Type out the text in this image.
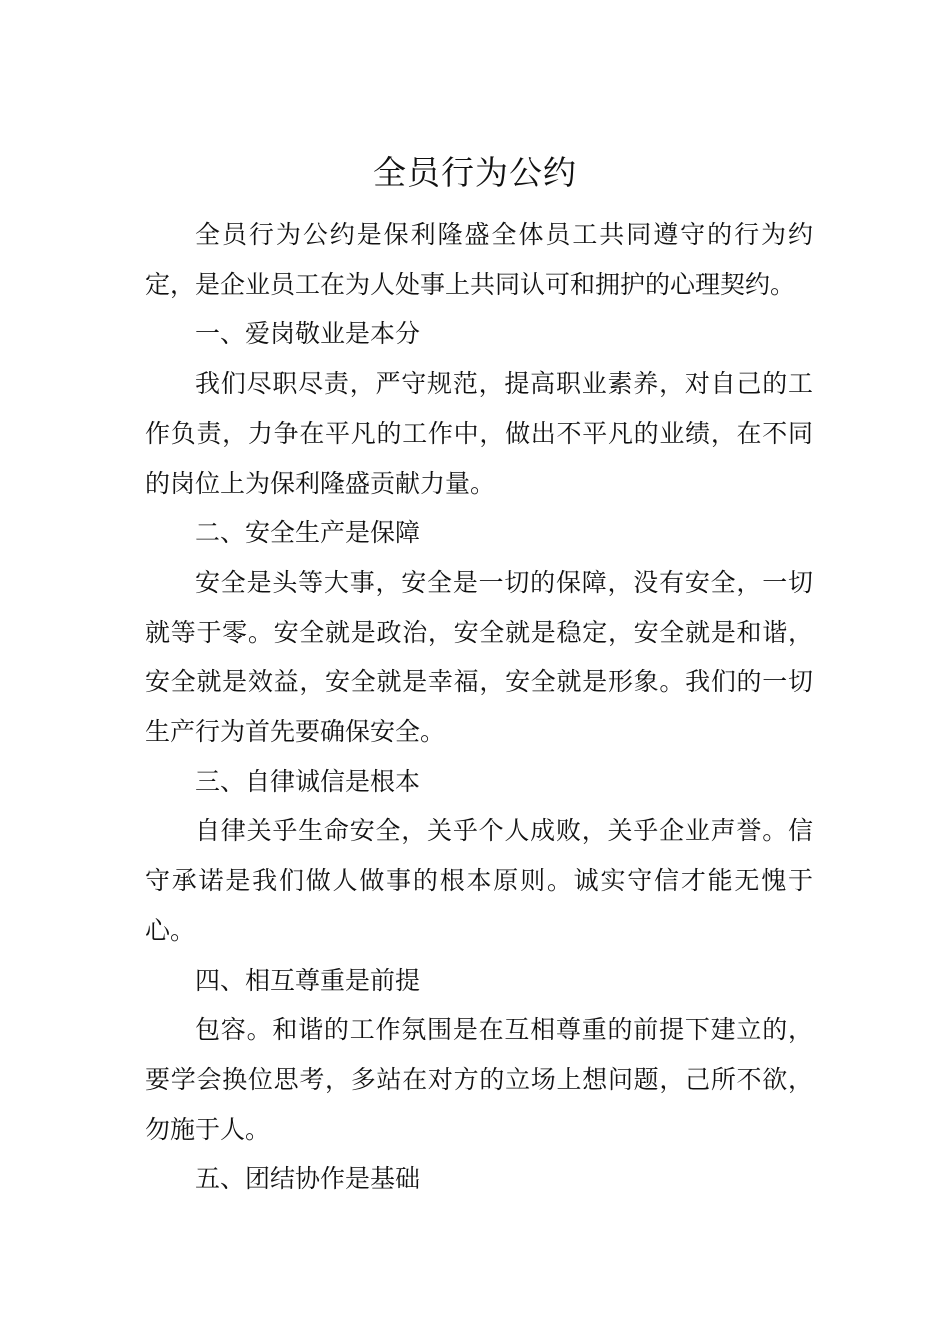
全员行为公约

全员行为公约是保利隆盛全体员工共同遵守的行为约定，是企业员工在为人处事上共同认可和拥护的心理契约。

一、爱岗敬业是本分

我们尽职尽责，严守规范，提高职业素养，对自己的工作负责，力争在平凡的工作中，做出不平凡的业绩，在不同的岗位上为保利隆盛贡献力量。

二、安全生产是保障

安全是头等大事，安全是一切的保障，没有安全，一切就等于零。安全就是政治，安全就是稳定，安全就是和谐，安全就是效益，安全就是幸福，安全就是形象。我们的一切生产行为首先要确保安全。

三、自律诚信是根本

自律关乎生命安全，关乎个人成败，关乎企业声誉。信守承诺是我们做人做事的根本原则。诚实守信才能无愧于心。

四、相互尊重是前提

包容。和谐的工作氛围是在互相尊重的前提下建立的，要学会换位思考，多站在对方的立场上想问题，己所不欲，勿施于人。

五、团结协作是基础
